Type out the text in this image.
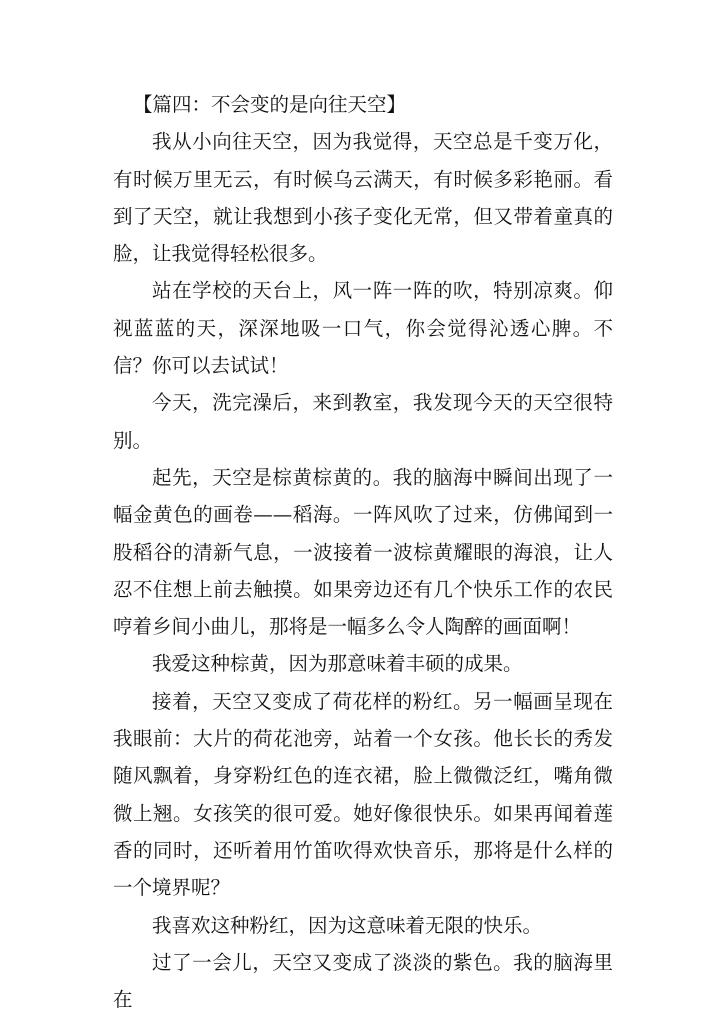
【篇四：不会变的是向往天空】

我从小向往天空，因为我觉得，天空总是千变万化，有时候万里无云，有时候乌云满天，有时候多彩艳丽。看到了天空，就让我想到小孩子变化无常，但又带着童真的脸，让我觉得轻松很多。

站在学校的天台上，风一阵一阵的吹，特别凉爽。仰视蓝蓝的天，深深地吸一口气，你会觉得沁透心脾。不信？你可以去试试！

今天，洗完澡后，来到教室，我发现今天的天空很特别。

起先，天空是棕黄棕黄的。我的脑海中瞬间出现了一幅金黄色的画卷——稻海。一阵风吹了过来，仿佛闻到一股稻谷的清新气息，一波接着一波棕黄耀眼的海浪，让人忍不住想上前去触摸。如果旁边还有几个快乐工作的农民哼着乡间小曲儿，那将是一幅多么令人陶醉的画面啊！

我爱这种棕黄，因为那意味着丰硕的成果。

接着，天空又变成了荷花样的粉红。另一幅画呈现在我眼前：大片的荷花池旁，站着一个女孩。他长长的秀发随风飘着，身穿粉红色的连衣裙，脸上微微泛红，嘴角微微上翘。女孩笑的很可爱。她好像很快乐。如果再闻着莲香的同时，还听着用竹笛吹得欢快音乐，那将是什么样的一个境界呢？

我喜欢这种粉红，因为这意味着无限的快乐。

过了一会儿，天空又变成了淡淡的紫色。我的脑海里在
